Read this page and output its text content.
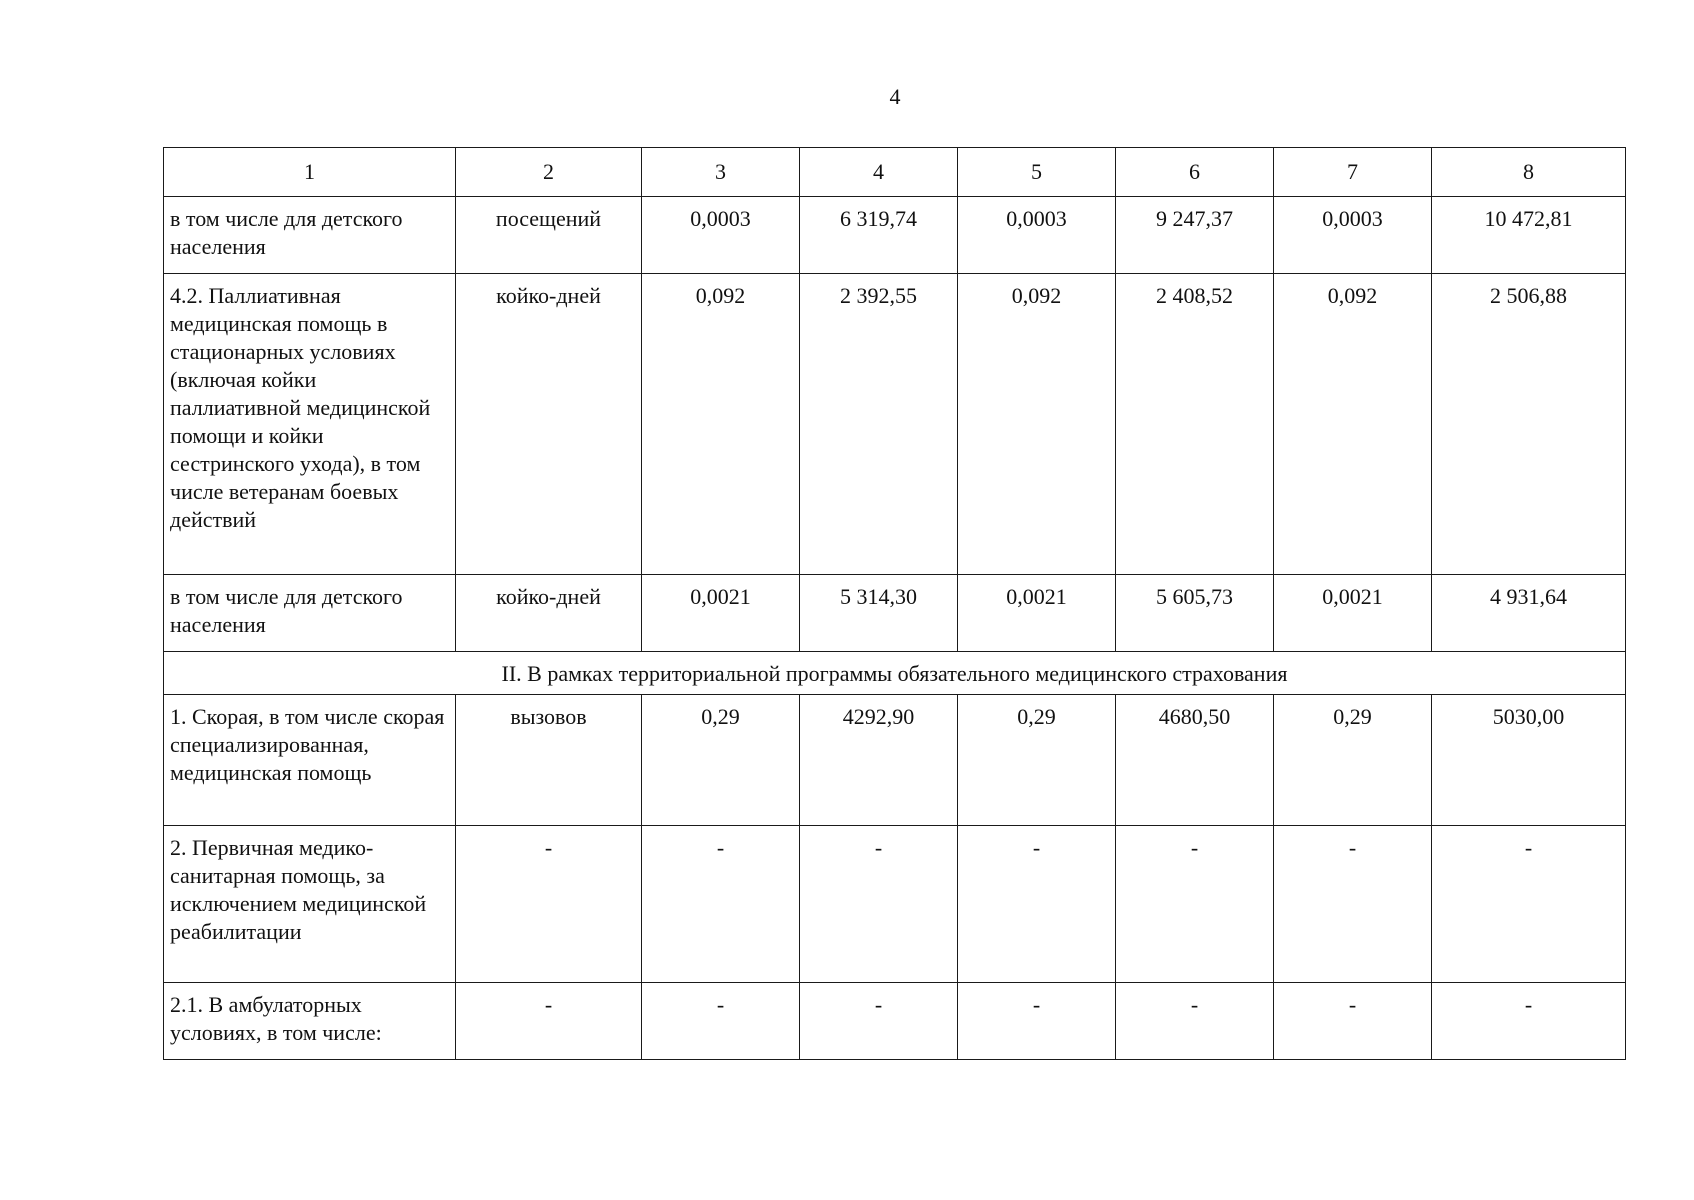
4
1	2	3	4	5	6	7	8
в том числе для детского населения	посещений	0,0003	6 319,74	0,0003	9 247,37	0,0003	10 472,81
4.2. Паллиативная медицинская помощь в стационарных условиях (включая койки паллиативной медицинской помощи и койки сестринского ухода), в том числе ветеранам боевых действий	койко-дней	0,092	2 392,55	0,092	2 408,52	0,092	2 506,88
в том числе для детского населения	койко-дней	0,0021	5 314,30	0,0021	5 605,73	0,0021	4 931,64
II. В рамках территориальной программы обязательного медицинского страхования							
1. Скорая, в том числе скорая специализированная, медицинская помощь	вызовов	0,29	4292,90	0,29	4680,50	0,29	5030,00
2. Первичная медико-санитарная помощь, за исключением медицинской реабилитации	-	-	-	-	-	-	-
2.1. В амбулаторных условиях, в том числе:	-	-	-	-	-	-	-
